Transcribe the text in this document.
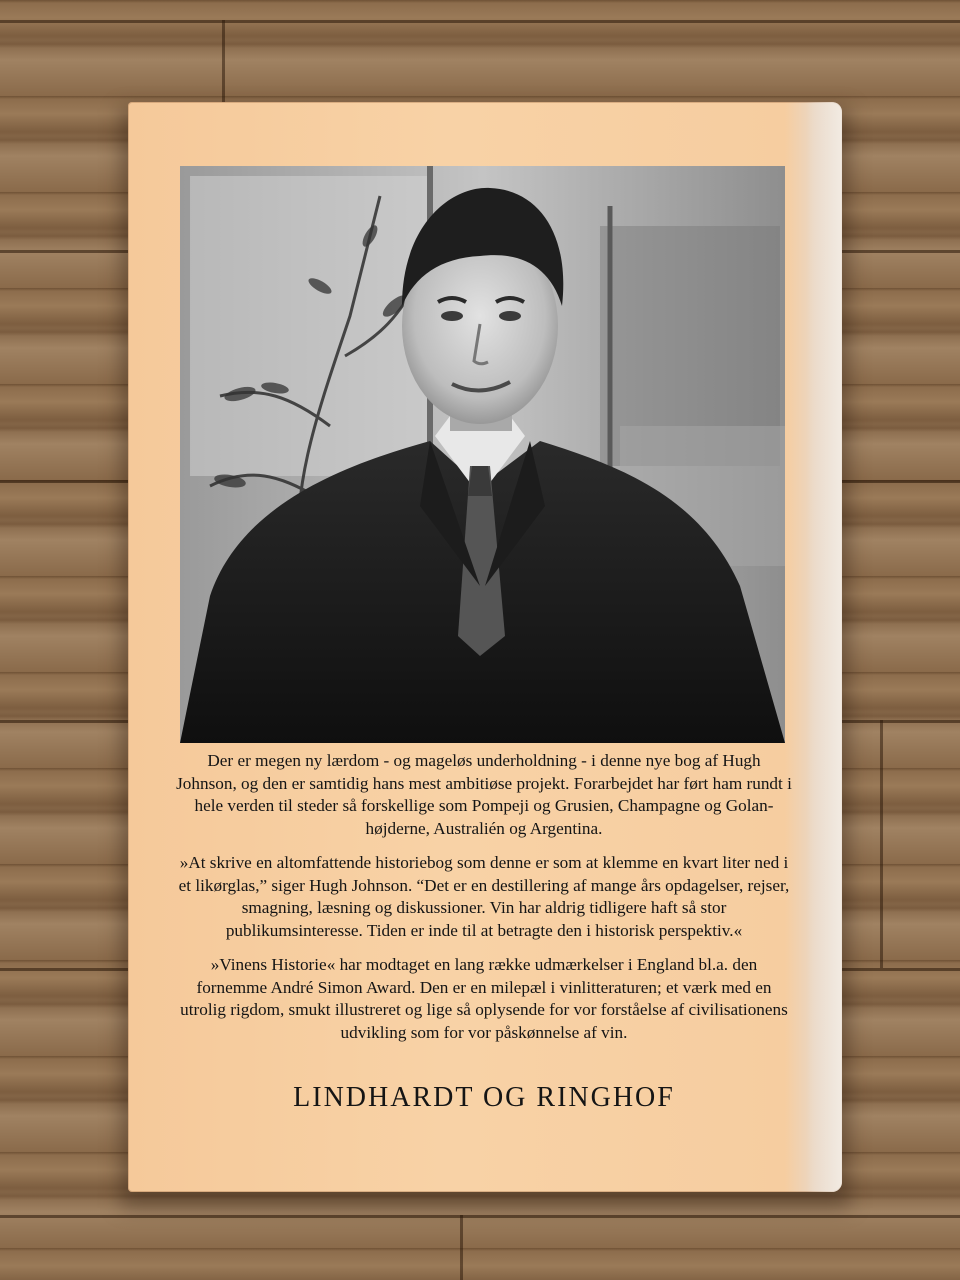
Der er megen ny lærdom - og mageløs underholdning - i denne nye bog af Hugh Johnson, og den er samtidig hans mest ambitiøse projekt. Forarbejdet har ført ham rundt i hele verden til steder så forskellige som Pompeji og Grusien, Champagne og Golan-højderne, Australién og Argentina.

»At skrive en altomfattende historiebog som denne er som at klemme en kvart liter ned i et likørglas,” siger Hugh Johnson. “Det er en destillering af mange års opdagelser, rejser, smagning, læsning og diskussioner. Vin har aldrig tidligere haft så stor publikumsinteresse. Tiden er inde til at betragte den i historisk perspektiv.«

»Vinens Historie« har modtaget en lang række udmærkelser i England bl.a. den fornemme André Simon Award. Den er en milepæl i vinlitteraturen; et værk med en utrolig rigdom, smukt illustreret og lige så oplysende for vor forståelse af civilisationens udvikling som for vor påskønnelse af vin.

LINDHARDT OG RINGHOF
